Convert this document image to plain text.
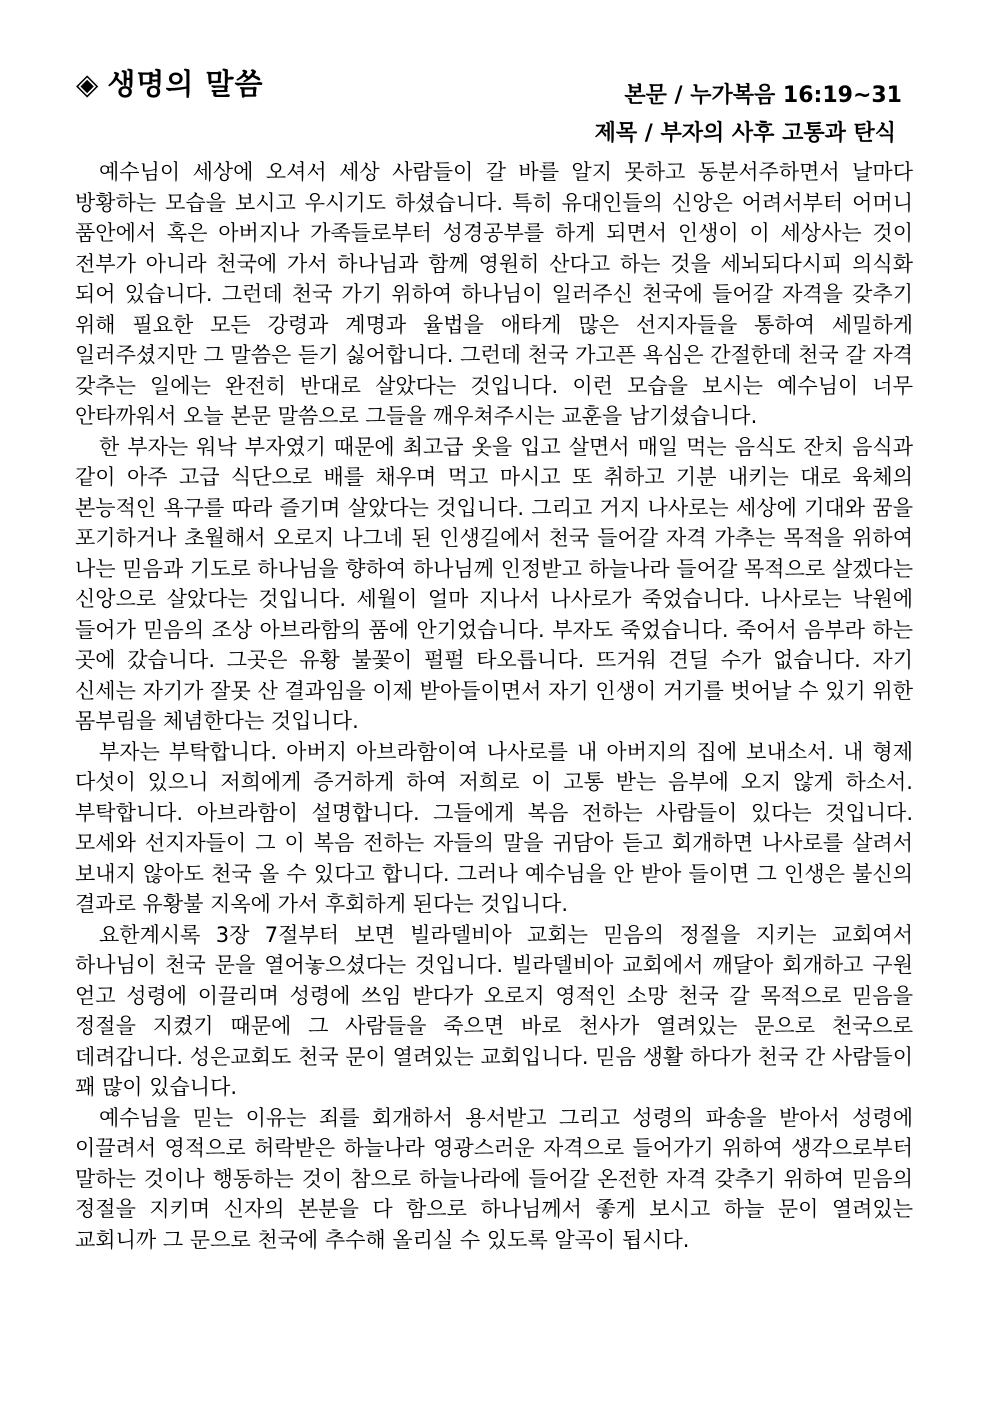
◈ 생명의 말씀	본문 / 누가복음 16:19~31
제목 / 부자의 사후 고통과 탄식

예수님이 세상에 오셔서 세상 사람들이 갈 바를 알지 못하고 동분서주하면서 날마다 방황하는 모습을 보시고 우시기도 하셨습니다. 특히 유대인들의 신앙은 어려서부터 어머니 품안에서 혹은 아버지나 가족들로부터 성경공부를 하게 되면서 인생이 이 세상사는 것이 전부가 아니라 천국에 가서 하나님과 함께 영원히 산다고 하는 것을 세뇌되다시피 의식화 되어 있습니다. 그런데 천국 가기 위하여 하나님이 일러주신 천국에 들어갈 자격을 갖추기 위해 필요한 모든 강령과 계명과 율법을 애타게 많은 선지자들을 통하여 세밀하게 일러주셨지만 그 말씀은 듣기 싫어합니다. 그런데 천국 가고픈 욕심은 간절한데 천국 갈 자격 갖추는 일에는 완전히 반대로 살았다는 것입니다. 이런 모습을 보시는 예수님이 너무 안타까워서 오늘 본문 말씀으로 그들을 깨우쳐주시는 교훈을 남기셨습니다.

한 부자는 워낙 부자였기 때문에 최고급 옷을 입고 살면서 매일 먹는 음식도 잔치 음식과 같이 아주 고급 식단으로 배를 채우며 먹고 마시고 또 취하고 기분 내키는 대로 육체의 본능적인 욕구를 따라 즐기며 살았다는 것입니다. 그리고 거지 나사로는 세상에 기대와 꿈을 포기하거나 초월해서 오로지 나그네 된 인생길에서 천국 들어갈 자격 가추는 목적을 위하여 나는 믿음과 기도로 하나님을 향하여 하나님께 인정받고 하늘나라 들어갈 목적으로 살겠다는 신앙으로 살았다는 것입니다. 세월이 얼마 지나서 나사로가 죽었습니다. 나사로는 낙원에 들어가 믿음의 조상 아브라함의 품에 안기었습니다. 부자도 죽었습니다. 죽어서 음부라 하는 곳에 갔습니다. 그곳은 유황 불꽃이 펄펄 타오릅니다. 뜨거워 견딜 수가 없습니다. 자기 신세는 자기가 잘못 산 결과임을 이제 받아들이면서 자기 인생이 거기를 벗어날 수 있기 위한 몸부림을 체념한다는 것입니다.

부자는 부탁합니다. 아버지 아브라함이여 나사로를 내 아버지의 집에 보내소서. 내 형제 다섯이 있으니 저희에게 증거하게 하여 저희로 이 고통 받는 음부에 오지 않게 하소서. 부탁합니다. 아브라함이 설명합니다. 그들에게 복음 전하는 사람들이 있다는 것입니다. 모세와 선지자들이 그 이 복음 전하는 자들의 말을 귀담아 듣고 회개하면 나사로를 살려서 보내지 않아도 천국 올 수 있다고 합니다. 그러나 예수님을 안 받아 들이면 그 인생은 불신의 결과로 유황불 지옥에 가서 후회하게 된다는 것입니다.

요한계시록 3장 7절부터 보면 빌라델비아 교회는 믿음의 정절을 지키는 교회여서 하나님이 천국 문을 열어놓으셨다는 것입니다. 빌라델비아 교회에서 깨달아 회개하고 구원 얻고 성령에 이끌리며 성령에 쓰임 받다가 오로지 영적인 소망 천국 갈 목적으로 믿음을 정절을 지켰기 때문에 그 사람들을 죽으면 바로 천사가 열려있는 문으로 천국으로 데려갑니다. 성은교회도 천국 문이 열려있는 교회입니다. 믿음 생활 하다가 천국 간 사람들이 꽤 많이 있습니다.

예수님을 믿는 이유는 죄를 회개하서 용서받고 그리고 성령의 파송을 받아서 성령에 이끌려서 영적으로 허락받은 하늘나라 영광스러운 자격으로 들어가기 위하여 생각으로부터 말하는 것이나 행동하는 것이 참으로 하늘나라에 들어갈 온전한 자격 갖추기 위하여 믿음의 정절을 지키며 신자의 본분을 다 함으로 하나님께서 좋게 보시고 하늘 문이 열려있는 교회니까 그 문으로 천국에 추수해 올리실 수 있도록 알곡이 됩시다.
